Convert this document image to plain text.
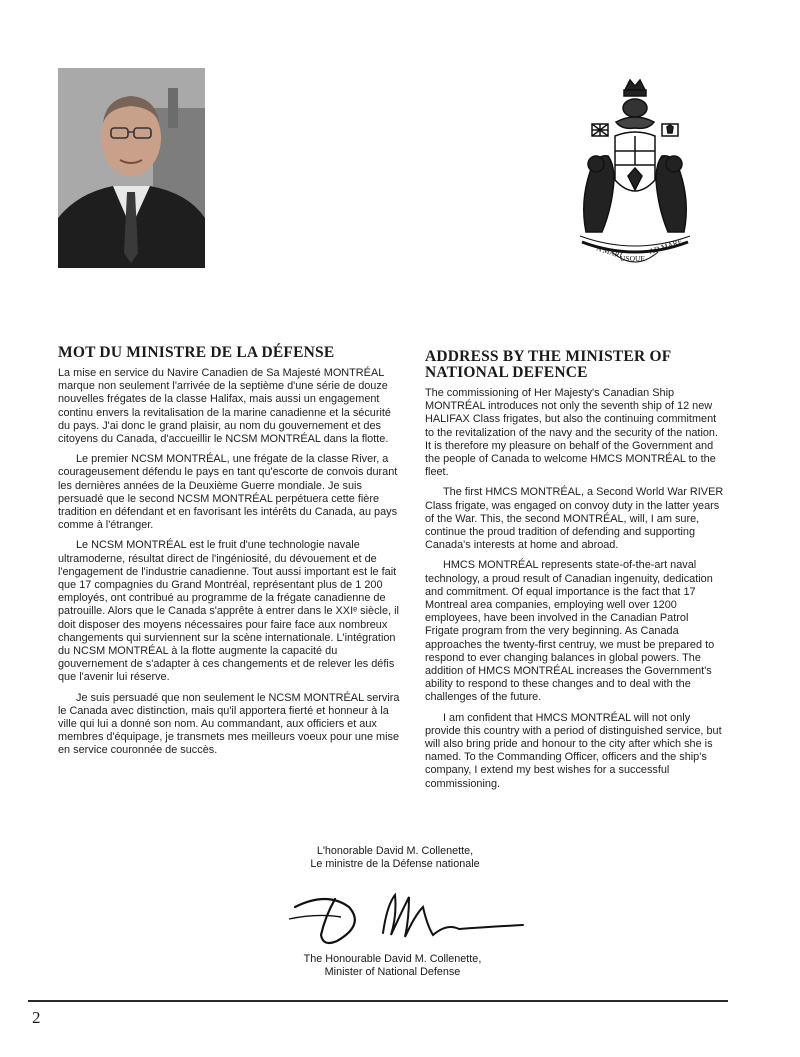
A MARI
USQUE
AD MARE
MOT DU MINISTRE DE LA DÉFENSE

La mise en service du Navire Canadien de Sa Majesté MONTRÉAL marque non seulement l'arrivée de la septième d'une série de douze nouvelles frégates de la classe Halifax, mais aussi un engagement continu envers la revitalisation de la marine canadienne et la sécurité du pays. J'ai donc le grand plaisir, au nom du gouvernement et des citoyens du Canada, d'accueillir le NCSM MONTRÉAL dans la flotte.

Le premier NCSM MONTRÉAL, une frégate de la classe River, a courageusement défendu le pays en tant qu'escorte de convois durant les dernières années de la Deuxième Guerre mondiale. Je suis persuadé que le second NCSM MONTRÉAL perpétuera cette fière tradition en défendant et en favorisant les intérêts du Canada, au pays comme à l'étranger.

Le NCSM MONTRÉAL est le fruit d'une technologie navale ultramoderne, résultat direct de l'ingéniosité, du dévouement et de l'engagement de l'industrie canadienne. Tout aussi important est le fait que 17 compagnies du Grand Montréal, représentant plus de 1 200 employés, ont contribué au programme de la frégate canadienne de patrouille. Alors que le Canada s'apprête à entrer dans le XXIᵉ siècle, il doit disposer des moyens nécessaires pour faire face aux nombreux changements qui surviennent sur la scène internationale. L'intégration du NCSM MONTRÉAL à la flotte augmente la capacité du gouvernement de s'adapter à ces changements et de relever les défis que l'avenir lui réserve.

Je suis persuadé que non seulement le NCSM MONTRÉAL servira le Canada avec distinction, mais qu'il apportera fierté et honneur à la ville qui lui a donné son nom. Au commandant, aux officiers et aux membres d'équipage, je transmets mes meilleurs voeux pour une mise en service couronnée de succès.

ADDRESS BY THE MINISTER OF NATIONAL DEFENCE

The commissioning of Her Majesty's Canadian Ship MONTRÉAL introduces not only the seventh ship of 12 new HALIFAX Class frigates, but also the continuing commitment to the revitalization of the navy and the security of the nation. It is therefore my pleasure on behalf of the Government and the people of Canada to welcome HMCS MONTRÉAL to the fleet.

The first HMCS MONTRÉAL, a Second World War RIVER Class frigate, was engaged on convoy duty in the latter years of the War. This, the second MONTRÉAL, will, I am sure, continue the proud tradition of defending and supporting Canada's interests at home and abroad.

HMCS MONTRÉAL represents state-of-the-art naval technology, a proud result of Canadian ingenuity, dedication and commitment. Of equal importance is the fact that 17 Montreal area companies, employing well over 1200 employees, have been involved in the Canadian Patrol Frigate program from the very beginning. As Canada approaches the twenty-first centruy, we must be prepared to respond to ever changing balances in global powers. The addition of HMCS MONTRÉAL increases the Government's ability to respond to these changes and to deal with the challenges of the future.

I am confident that HMCS MONTRÉAL will not only provide this country with a period of distinguished service, but will also bring pride and honour to the city after which she is named. To the Commanding Officer, officers and the ship's company, I extend my best wishes for a successful commissioning.

L'honorable David M. Collenette,
Le ministre de la Défense nationale
The Honourable David M. Collenette,
Minister of National Defense
2
